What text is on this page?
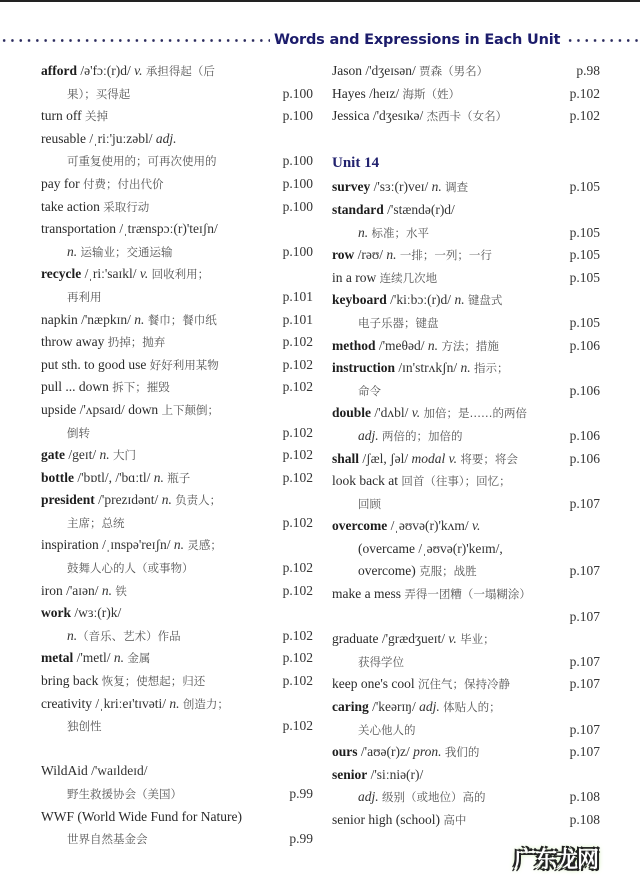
Words and Expressions in Each Unit
afford /ə'fɔː(r)d/ v. 承担得起（后
果）；买得起	p.100
turn off 关掉	p.100
reusable /ˌriː'juːzəbl/ adj.
可重复使用的；可再次使用的	p.100
pay for 付费；付出代价	p.100
take action 采取行动	p.100
transportation /ˌtrænspɔː(r)'teɪʃn/
n. 运输业；交通运输	p.100
recycle /ˌriː'saɪkl/ v. 回收利用；
再利用	p.101
napkin /'næpkɪn/ n. 餐巾；餐巾纸	p.101
throw away 扔掉；抛弃	p.102
put sth. to good use 好好利用某物	p.102
pull ... down 拆下；摧毁	p.102
upside /'ʌpsaɪd/ down 上下颠倒；
倒转	p.102
gate /geɪt/ n. 大门	p.102
bottle /'bɒtl/, /'bɑːtl/ n. 瓶子	p.102
president /'prezɪdənt/ n. 负责人；
主席；总统	p.102
inspiration /ˌɪnspə'reɪʃn/ n. 灵感；
鼓舞人心的人（或事物）	p.102
iron /'aɪən/ n. 铁	p.102
work /wɜː(r)k/
n.（音乐、艺术）作品	p.102
metal /'metl/ n. 金属	p.102
bring back 恢复；使想起；归还	p.102
creativity /ˌkriːeɪ'tɪvəti/ n. 创造力；
独创性	p.102
WildAid /'waɪldeɪd/
野生救援协会（美国）	p.99
WWF (World Wide Fund for Nature)
世界自然基金会	p.99
Jason /'dʒeɪsən/ 贾森（男名）	p.98
Hayes /heɪz/ 海斯（姓）	p.102
Jessica /'dʒesɪkə/ 杰西卡（女名）	p.102
Unit 14
survey /'sɜː(r)veɪ/ n. 调查	p.105
standard /'stændə(r)d/
n. 标准；水平	p.105
row /rəʊ/ n. 一排；一列；一行	p.105
in a row 连续几次地	p.105
keyboard /'kiːbɔː(r)d/ n. 键盘式
电子乐器；键盘	p.105
method /'meθəd/ n. 方法；措施	p.106
instruction /ɪn'strʌkʃn/ n. 指示；
命令	p.106
double /'dʌbl/ v. 加倍；是……的两倍
adj. 两倍的；加倍的	p.106
shall /ʃæl, ʃəl/ modal v. 将要；将会	p.106
look back at 回首（往事）；回忆；
回顾	p.107
overcome /ˌəʊvə(r)'kʌm/ v.
(overcame /ˌəʊvə(r)'keɪm/,
overcome) 克服；战胜	p.107
make a mess 弄得一团糟（一塌糊涂）
p.107
graduate /'grædʒueɪt/ v. 毕业；
获得学位	p.107
keep one's cool 沉住气；保持冷静	p.107
caring /'keərɪŋ/ adj. 体贴人的；
关心他人的	p.107
ours /'aʊə(r)z/ pron. 我们的	p.107
senior /'siːniə(r)/
adj. 级别（或地位）高的	p.108
senior high (school) 高中	p.108
广东龙网
